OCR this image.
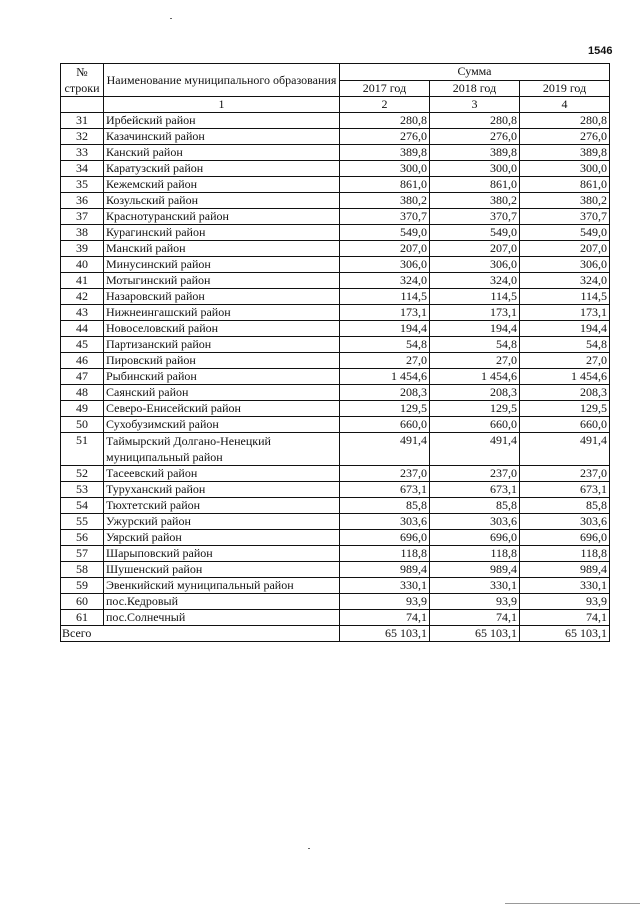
1546
№ строки	Наименование муниципального образования	Сумма		
		2017 год	2018 год	2019 год
	1	2	3	4
31	Ирбейский район	280,8	280,8	280,8
32	Казачинский район	276,0	276,0	276,0
33	Канский район	389,8	389,8	389,8
34	Каратузский район	300,0	300,0	300,0
35	Кежемский район	861,0	861,0	861,0
36	Козульский район	380,2	380,2	380,2
37	Краснотуранский район	370,7	370,7	370,7
38	Курагинский район	549,0	549,0	549,0
39	Манский район	207,0	207,0	207,0
40	Минусинский район	306,0	306,0	306,0
41	Мотыгинский район	324,0	324,0	324,0
42	Назаровский район	114,5	114,5	114,5
43	Нижнеингашский район	173,1	173,1	173,1
44	Новоселовский район	194,4	194,4	194,4
45	Партизанский район	54,8	54,8	54,8
46	Пировский район	27,0	27,0	27,0
47	Рыбинский район	1 454,6	1 454,6	1 454,6
48	Саянский район	208,3	208,3	208,3
49	Северо-Енисейский район	129,5	129,5	129,5
50	Сухобузимский район	660,0	660,0	660,0
51	Таймырский Долгано-Ненецкий муниципальный район	491,4	491,4	491,4
52	Тасеевский район	237,0	237,0	237,0
53	Туруханский район	673,1	673,1	673,1
54	Тюхтетский район	85,8	85,8	85,8
55	Ужурский район	303,6	303,6	303,6
56	Уярский район	696,0	696,0	696,0
57	Шарыповский район	118,8	118,8	118,8
58	Шушенский район	989,4	989,4	989,4
59	Эвенкийский муниципальный район	330,1	330,1	330,1
60	пос.Кедровый	93,9	93,9	93,9
61	пос.Солнечный	74,1	74,1	74,1
Всего		65 103,1	65 103,1	65 103,1
